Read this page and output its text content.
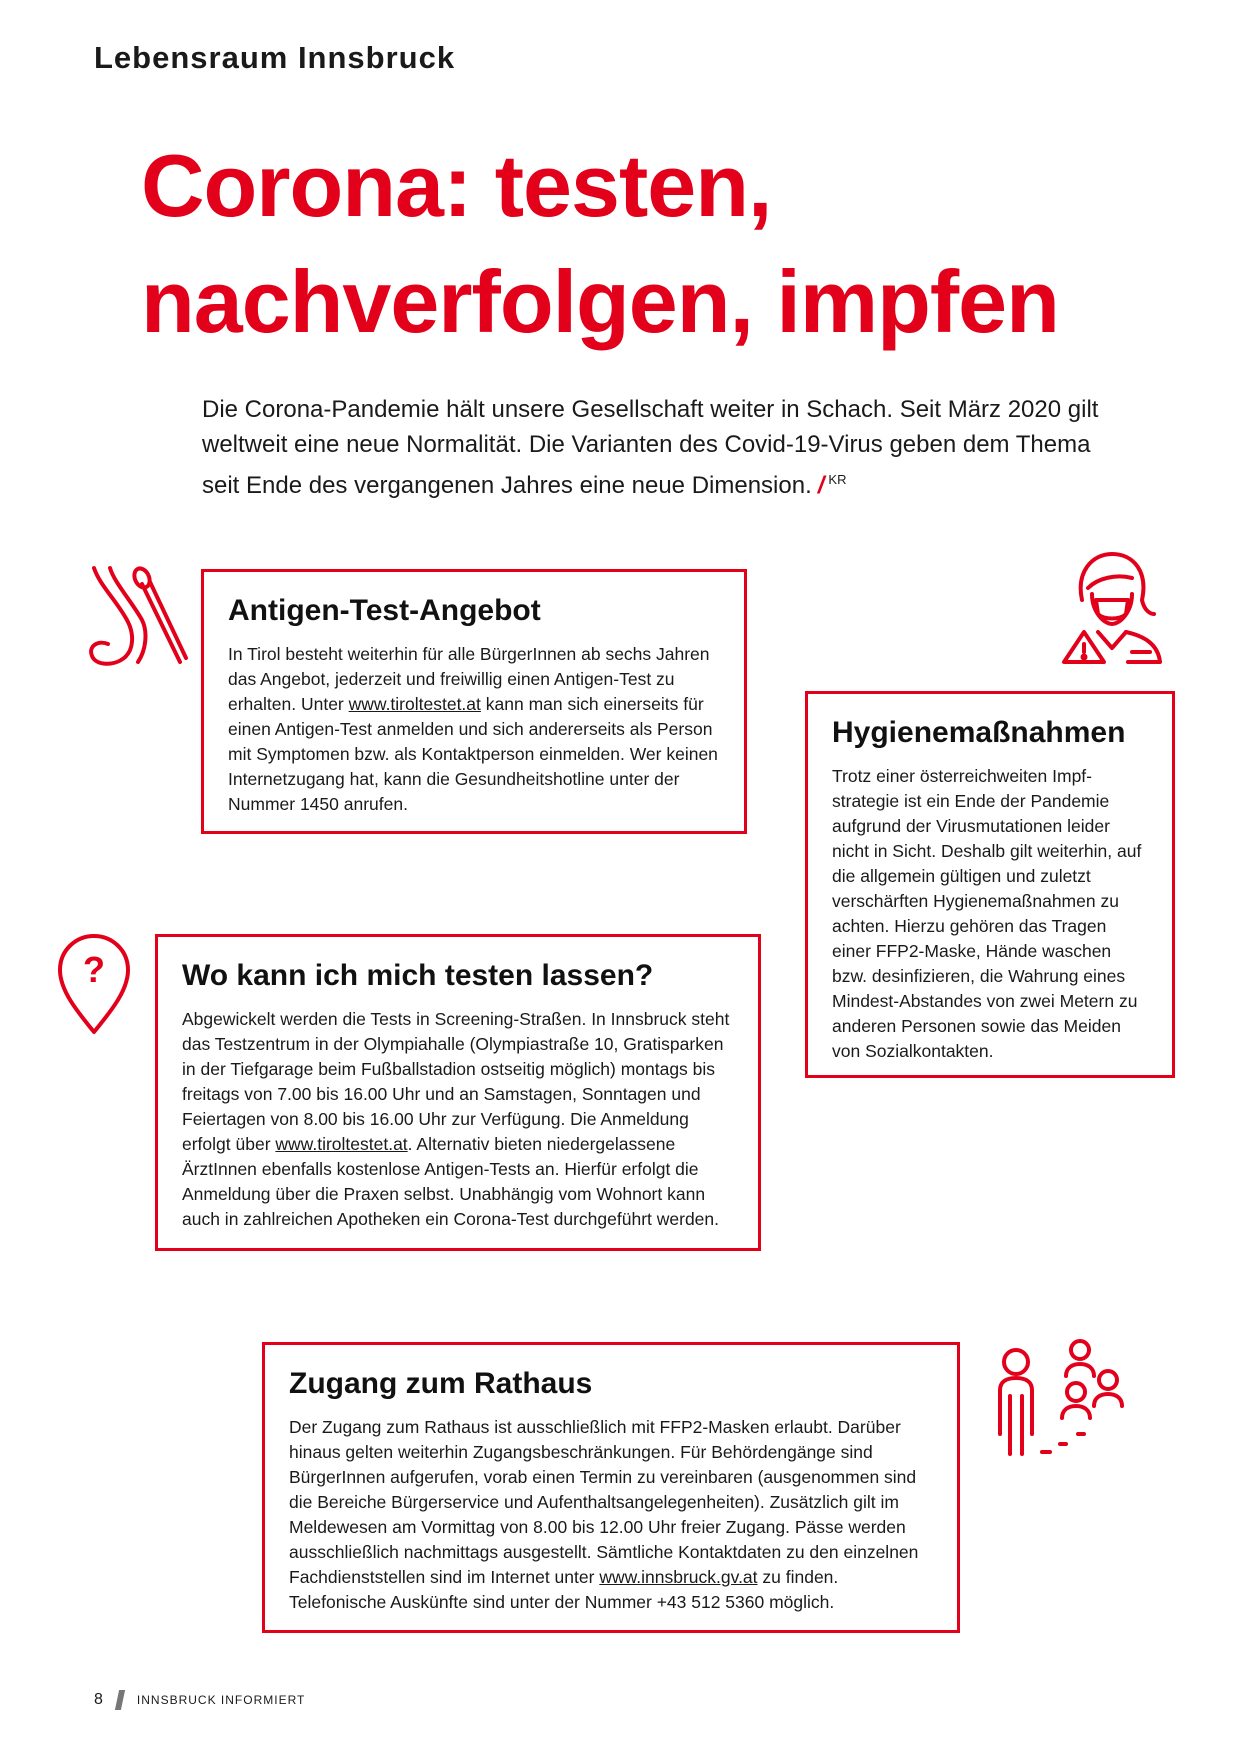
Lebensraum Innsbruck
Corona: testen,
nachverfolgen, impfen

Die Corona-Pandemie hält unsere Gesellschaft weiter in Schach. Seit März 2020 gilt weltweit eine neue Normalität. Die Varianten des Covid-19-Virus geben dem Thema seit Ende des vergangenen Jahres eine neue Dimension. / $^{KR}$

?
Antigen-Test-Angebot

In Tirol besteht weiterhin für alle BürgerInnen ab sechs Jahren das Angebot, jederzeit und freiwillig einen Antigen-Test zu erhalten. Unter www.tiroltestet.at kann man sich einerseits für einen Antigen-Test anmelden und sich andererseits als Person mit Symptomen bzw. als Kontaktperson einmelden. Wer keinen Internetzugang hat, kann die Gesundheitshotline unter der Nummer 1450 anrufen.

Hygienemaßnahmen

Trotz einer österreichweiten Impfstrategie ist ein Ende der Pandemie aufgrund der Virusmutationen leider nicht in Sicht. Deshalb gilt weiterhin, auf die allgemein gültigen und zuletzt verschärften Hygienemaßnahmen zu achten. Hierzu gehören das Tragen einer FFP2-Maske, Hände waschen bzw. desinfizieren, die Wahrung eines Mindest-Abstandes von zwei Metern zu anderen Personen sowie das Meiden von Sozialkontakten.

Wo kann ich mich testen lassen?

Abgewickelt werden die Tests in Screening-Straßen. In Innsbruck steht das Testzentrum in der Olympiahalle (Olympiastraße 10, Gratisparken in der Tiefgarage beim Fußballstadion ostseitig möglich) montags bis freitags von 7.00 bis 16.00 Uhr und an Samstagen, Sonntagen und Feiertagen von 8.00 bis 16.00 Uhr zur Verfügung. Die Anmeldung erfolgt über www.tiroltestet.at. Alternativ bieten niedergelassene ÄrztInnen ebenfalls kostenlose Antigen-Tests an. Hierfür erfolgt die Anmeldung über die Praxen selbst. Unabhängig vom Wohnort kann auch in zahlreichen Apotheken ein Corona-Test durchgeführt werden.

Zugang zum Rathaus

Der Zugang zum Rathaus ist ausschließlich mit FFP2-Masken erlaubt. Darüber hinaus gelten weiterhin Zugangsbeschränkungen. Für Behördengänge sind BürgerInnen aufgerufen, vorab einen Termin zu vereinbaren (ausgenommen sind die Bereiche Bürgerservice und Aufenthaltsangelegenheiten). Zusätzlich gilt im Meldewesen am Vormittag von 8.00 bis 12.00 Uhr freier Zugang. Pässe werden ausschließlich nachmittags ausgestellt. Sämtliche Kontaktdaten zu den einzelnen Fachdienststellen sind im Internet unter www.innsbruck.gv.at zu finden. Telefonische Auskünfte sind unter der Nummer +43 512 5360 möglich.

8	INNSBRUCK INFORMIERT
